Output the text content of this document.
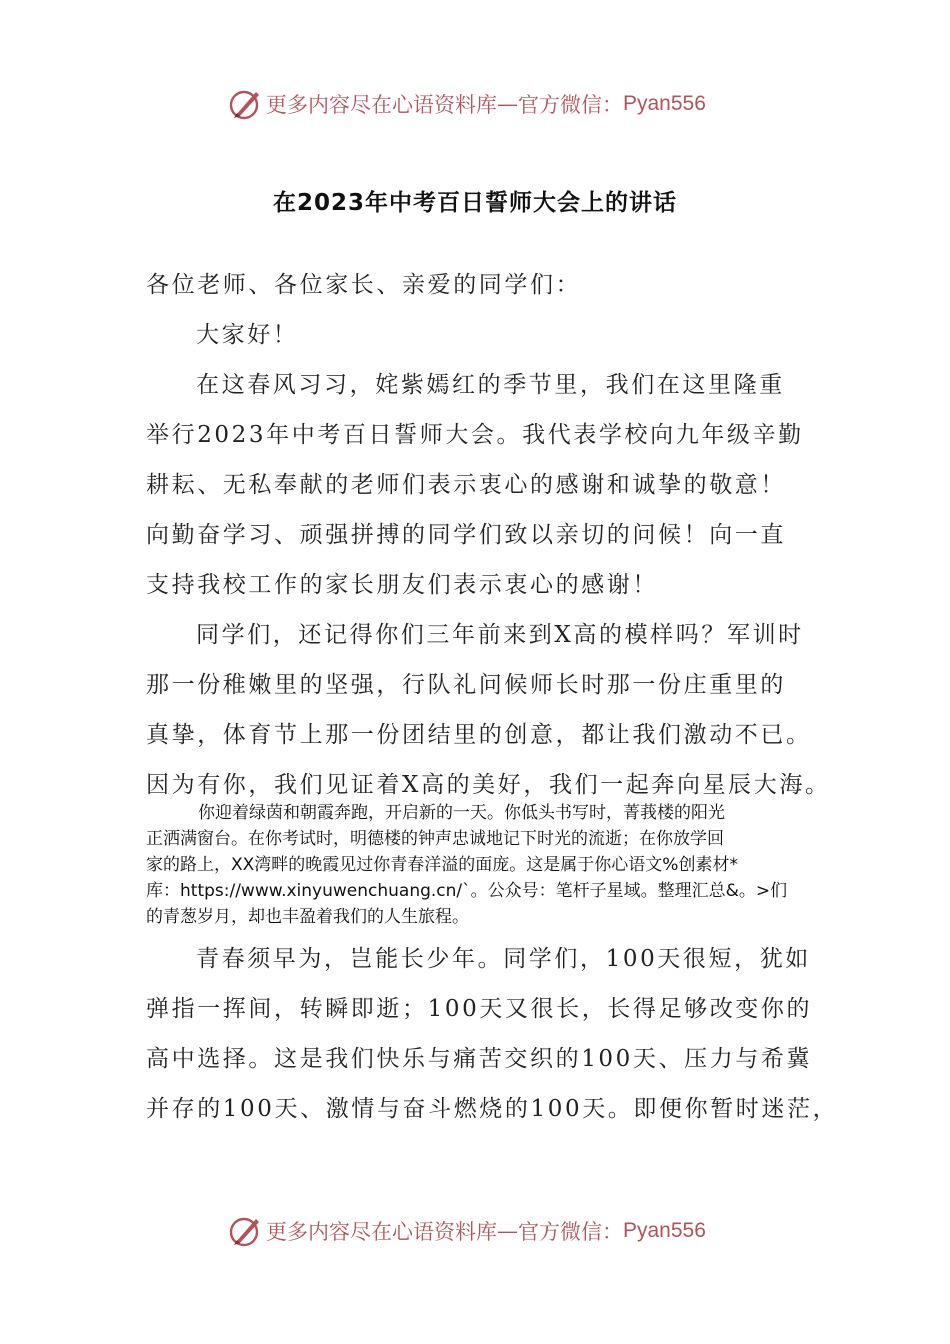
更多内容尽在心语资料库 — 官方微信： Pyan556
在2023年中考百日誓师大会上的讲话
各位老师、各位家长、亲爱的同学们：
大家好！
在这春风习习，姹紫嫣红的季节里，我们在这里隆重
举行2023年中考百日誓师大会。我代表学校向九年级辛勤
耕耘、无私奉献的老师们表示衷心的感谢和诚挚的敬意！
向勤奋学习、顽强拼搏的同学们致以亲切的问候！向一直
支持我校工作的家长朋友们表示衷心的感谢！
同学们，还记得你们三年前来到X高的模样吗？军训时
那一份稚嫩里的坚强，行队礼问候师长时那一份庄重里的
真挚，体育节上那一份团结里的创意，都让我们激动不已。
因为有你，我们见证着X高的美好，我们一起奔向星辰大海。
你迎着绿茵和朝霞奔跑，开启新的一天。你低头书写时，菁莪楼的阳光
正洒满窗台。在你考试时，明德楼的钟声忠诚地记下时光的流逝；在你放学回
家的路上，XX湾畔的晚霞见过你青春洋溢的面庞。这是属于你心语文%创素材*
库：https://www.xinyuwenchuang.cn/`。公众号：笔杆子星域。整理汇总&。>们
的青葱岁月，却也丰盈着我们的人生旅程。
青春须早为，岂能长少年。同学们，100天很短，犹如
弹指一挥间，转瞬即逝；100天又很长，长得足够改变你的
高中选择。这是我们快乐与痛苦交织的100天、压力与希冀
并存的100天、激情与奋斗燃烧的100天。即便你暂时迷茫，
更多内容尽在心语资料库 — 官方微信： Pyan556
